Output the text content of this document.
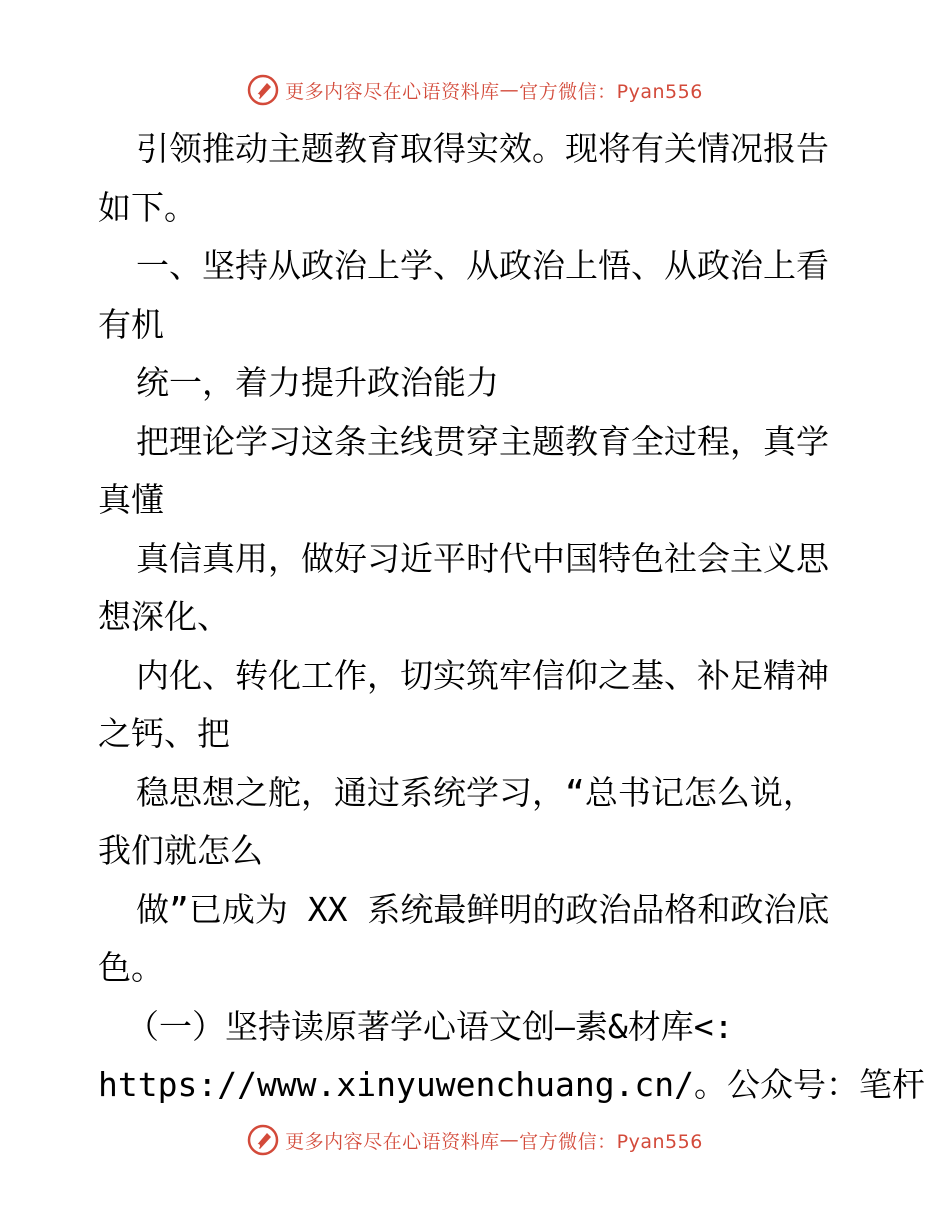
更多内容尽在心语资料库 — 官方微信：Pyan556
引领推动主题教育取得实效。现将有关情况报告
如下。
一、坚持从政治上学、从政治上悟、从政治上看
有机
统一，着力提升政治能力
把理论学习这条主线贯穿主题教育全过程，真学
真懂
真信真用，做好习近平时代中国特色社会主义思
想深化、
内化、转化工作，切实筑牢信仰之基、补足精神
之钙、把
稳思想之舵，通过系统学习，“总书记怎么说，
我们就怎么
做”已成为 XX 系统最鲜明的政治品格和政治底
色。
（一）坚持读原著学心语文创—素&材库<:
https://www.xinyuwenchuang.cn/。公众号：笔杆
更多内容尽在心语资料库 — 官方微信：Pyan556
